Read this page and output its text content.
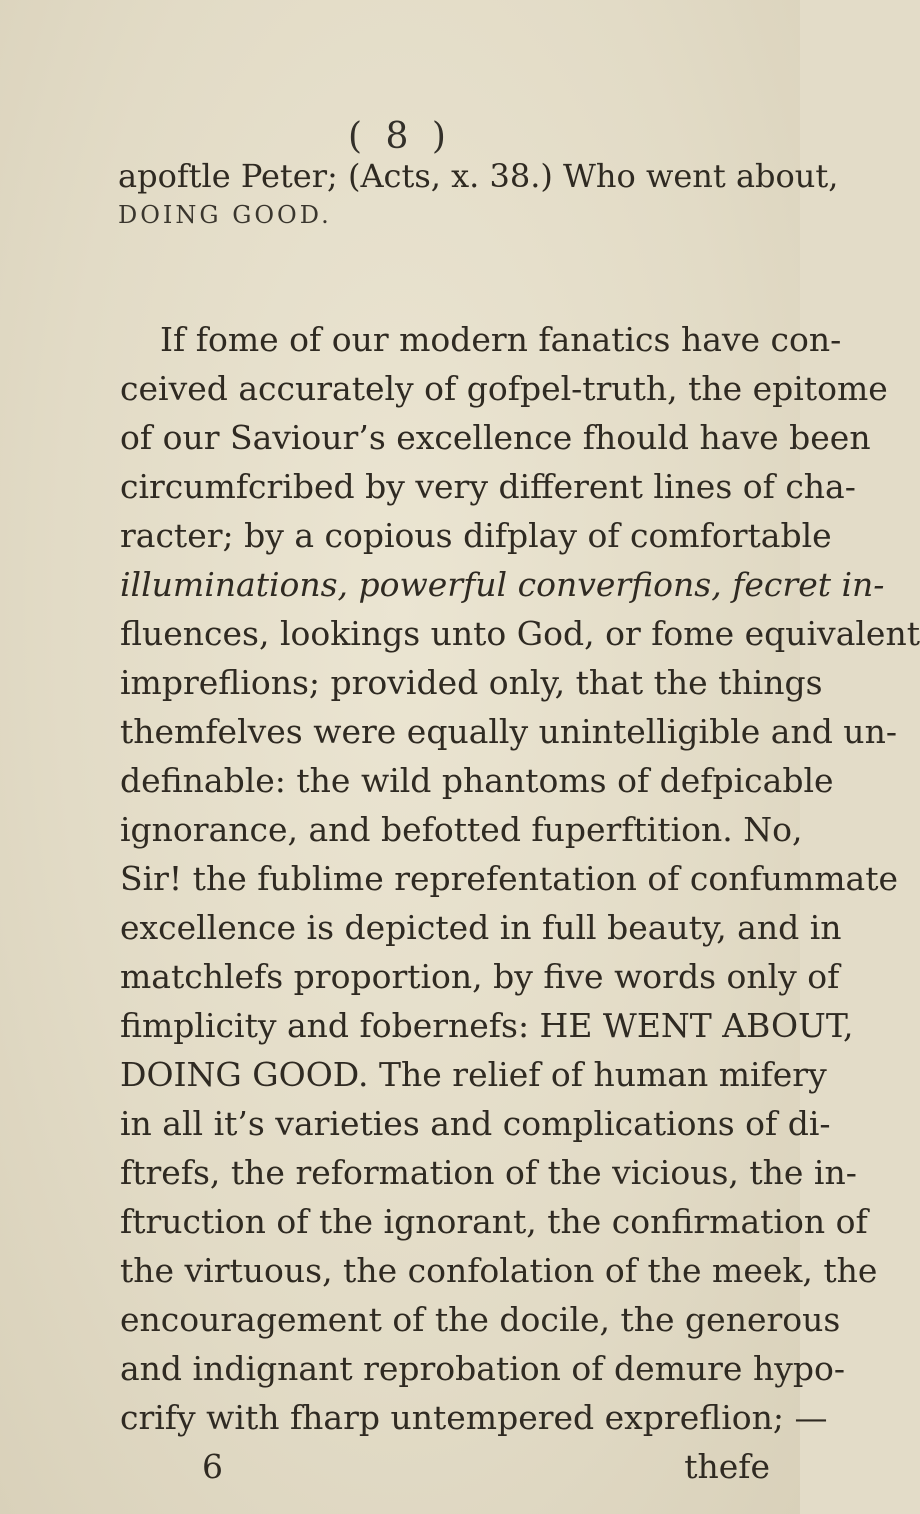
( 8 )
apoftle Peter; (Acts, x. 38.) Who went about,
DOING GOOD.
If fome of our modern fanatics have con-
ceived accurately of gofpel-truth, the epitome
of our Saviour’s excellence fhould have been
circumfcribed by very different lines of cha-
racter; by a copious difplay of comfortable
illuminations, powerful converfions, fecret in-
fluences, lookings unto God, or fome equivalent
impreflions; provided only, that the things
themfelves were equally unintelligible and un-
definable: the wild phantoms of defpicable
ignorance, and befotted fuperftition. No,
Sir! the fublime reprefentation of confummate
excellence is depicted in full beauty, and in
matchlefs proportion, by five words only of
fimplicity and fobernefs: HE WENT ABOUT,
DOING GOOD. The relief of human mifery
in all it’s varieties and complications of di-
ftrefs, the reformation of the vicious, the in-
ftruction of the ignorant, the confirmation of
the virtuous, the confolation of the meek, the
encouragement of the docile, the generous
and indignant reprobation of demure hypo-
crify with fharp untempered expreflion; —
6	thefe
